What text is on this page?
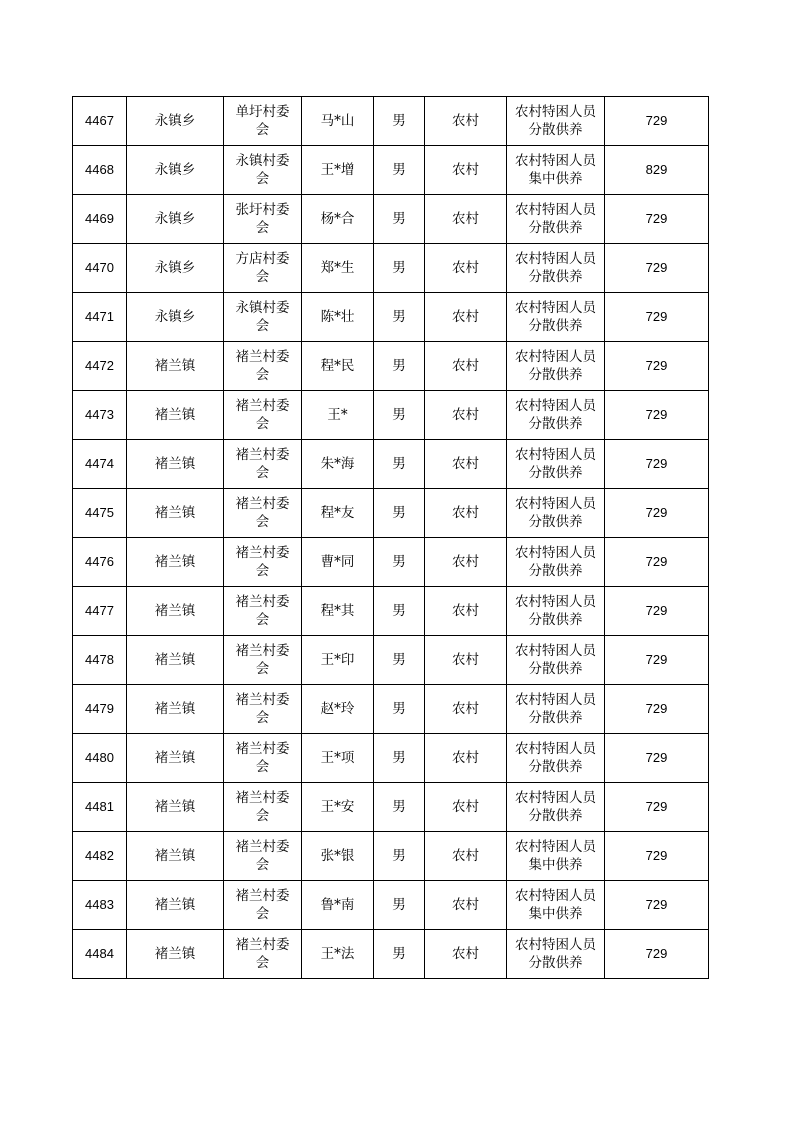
4467	永镇乡	单圩村委会	马*山	男	农村	农村特困人员分散供养	729
4468	永镇乡	永镇村委会	王*增	男	农村	农村特困人员集中供养	829
4469	永镇乡	张圩村委会	杨*合	男	农村	农村特困人员分散供养	729
4470	永镇乡	方店村委会	郑*生	男	农村	农村特困人员分散供养	729
4471	永镇乡	永镇村委会	陈*壮	男	农村	农村特困人员分散供养	729
4472	褚兰镇	褚兰村委会	程*民	男	农村	农村特困人员分散供养	729
4473	褚兰镇	褚兰村委会	王*	男	农村	农村特困人员分散供养	729
4474	褚兰镇	褚兰村委会	朱*海	男	农村	农村特困人员分散供养	729
4475	褚兰镇	褚兰村委会	程*友	男	农村	农村特困人员分散供养	729
4476	褚兰镇	褚兰村委会	曹*同	男	农村	农村特困人员分散供养	729
4477	褚兰镇	褚兰村委会	程*其	男	农村	农村特困人员分散供养	729
4478	褚兰镇	褚兰村委会	王*印	男	农村	农村特困人员分散供养	729
4479	褚兰镇	褚兰村委会	赵*玲	男	农村	农村特困人员分散供养	729
4480	褚兰镇	褚兰村委会	王*项	男	农村	农村特困人员分散供养	729
4481	褚兰镇	褚兰村委会	王*安	男	农村	农村特困人员分散供养	729
4482	褚兰镇	褚兰村委会	张*银	男	农村	农村特困人员集中供养	729
4483	褚兰镇	褚兰村委会	鲁*南	男	农村	农村特困人员集中供养	729
4484	褚兰镇	褚兰村委会	王*法	男	农村	农村特困人员分散供养	729
